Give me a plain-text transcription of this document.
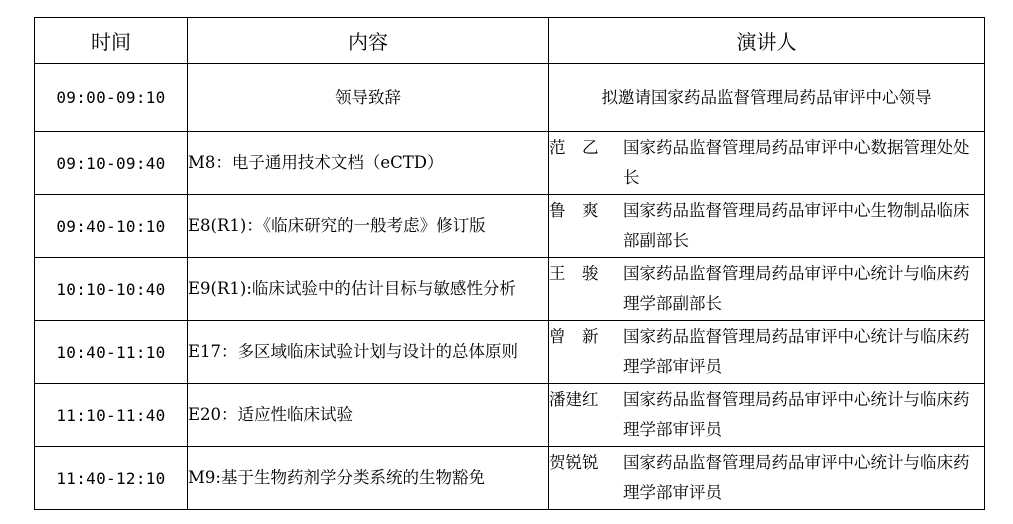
时间	内容	演讲人
09:00-09:10	领导致辞	拟邀请国家药品监督管理局药品审评中心领导
09:10-09:40	M8：电子通用技术文档（eCTD）	范　乙 国家药品监督管理局药品审评中心数据管理处处长

09:40-10:10	E8(R1)：《临床研究的一般考虑》修订版	鲁　爽 国家药品监督管理局药品审评中心生物制品临床部副部长

10:10-10:40	E9(R1):临床试验中的估计目标与敏感性分析	王　骏 国家药品监督管理局药品审评中心统计与临床药理学部副部长

10:40-11:10	E17：多区域临床试验计划与设计的总体原则	曾　新 国家药品监督管理局药品审评中心统计与临床药理学部审评员

11:10-11:40	E20：适应性临床试验	潘建红 国家药品监督管理局药品审评中心统计与临床药理学部审评员

11:40-12:10	M9:基于生物药剂学分类系统的生物豁免	贺锐锐 国家药品监督管理局药品审评中心统计与临床药理学部审评员
